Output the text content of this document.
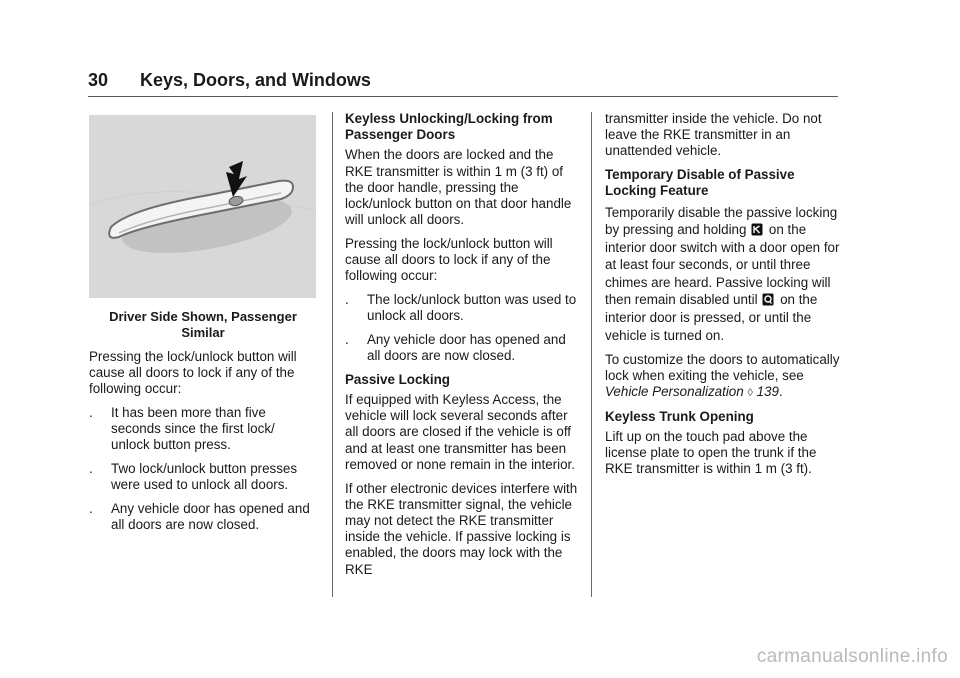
30 Keys, Doors, and Windows

Driver Side Shown, Passenger Similar

Pressing the lock/unlock button will cause all doors to lock if any of the following occur:

. It has been more than five seconds since the first lock/ unlock button press.
. Two lock/unlock button presses were used to unlock all doors.
. Any vehicle door has opened and all doors are now closed.

Keyless Unlocking/Locking from Passenger Doors

When the doors are locked and the RKE transmitter is within 1 m (3 ft) of the door handle, pressing the lock/unlock button on that door handle will unlock all doors.

Pressing the lock/unlock button will cause all doors to lock if any of the following occur:

. The lock/unlock button was used to unlock all doors.
. Any vehicle door has opened and all doors are now closed.

Passive Locking

If equipped with Keyless Access, the vehicle will lock several seconds after all doors are closed if the vehicle is off and at least one transmitter has been removed or none remain in the interior.

If other electronic devices interfere with the RKE transmitter signal, the vehicle may not detect the RKE transmitter inside the vehicle. If passive locking is enabled, the doors may lock with the RKE

transmitter inside the vehicle. Do not leave the RKE transmitter in an unattended vehicle.

Temporary Disable of Passive Locking Feature

Temporarily disable the passive locking by pressing and holding on the interior door switch with a door open for at least four seconds, or until three chimes are heard. Passive locking will then remain disabled until on the interior door is pressed, or until the vehicle is turned on.

To customize the doors to automatically lock when exiting the vehicle, see Vehicle Personalization ◊ 139.

Keyless Trunk Opening

Lift up on the touch pad above the license plate to open the trunk if the RKE transmitter is within 1 m (3 ft).

carmanualsonline.info
